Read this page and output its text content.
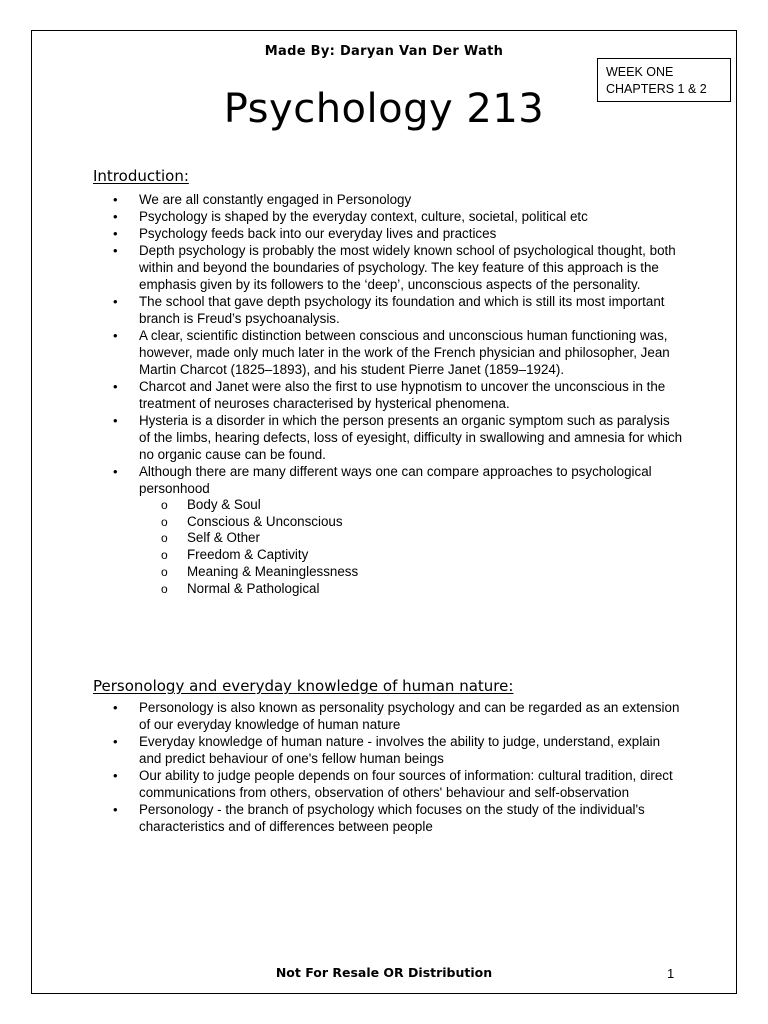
Made By: Daryan Van Der Wath
WEEK ONE
CHAPTERS 1 & 2
Psychology 213
Introduction:
• We are all constantly engaged in Personology
• Psychology is shaped by the everyday context, culture, societal, political etc
• Psychology feeds back into our everyday lives and practices
• Depth psychology is probably the most widely known school of psychological thought, both within and beyond the boundaries of psychology. The key feature of this approach is the emphasis given by its followers to the ‘deep’, unconscious aspects of the personality.
• The school that gave depth psychology its foundation and which is still its most important branch is Freud’s psychoanalysis.
• A clear, scientific distinction between conscious and unconscious human functioning was, however, made only much later in the work of the French physician and philosopher, Jean Martin Charcot (1825–1893), and his student Pierre Janet (1859–1924).
• Charcot and Janet were also the first to use hypnotism to uncover the unconscious in the treatment of neuroses characterised by hysterical phenomena.
• Hysteria is a disorder in which the person presents an organic symptom such as paralysis of the limbs, hearing defects, loss of eyesight, difficulty in swallowing and amnesia for which no organic cause can be found.
• Although there are many different ways one can compare approaches to psychological personhood
o Body & Soul
o Conscious & Unconscious
o Self & Other
o Freedom & Captivity
o Meaning & Meaninglessness
o Normal & Pathological
Personology and everyday knowledge of human nature:
• Personology is also known as personality psychology and can be regarded as an extension of our everyday knowledge of human nature
• Everyday knowledge of human nature - involves the ability to judge, understand, explain and predict behaviour of one's fellow human beings
• Our ability to judge people depends on four sources of information: cultural tradition, direct communications from others, observation of others' behaviour and self-observation
• Personology - the branch of psychology which focuses on the study of the individual's characteristics and of differences between people
Not For Resale OR Distribution	1
